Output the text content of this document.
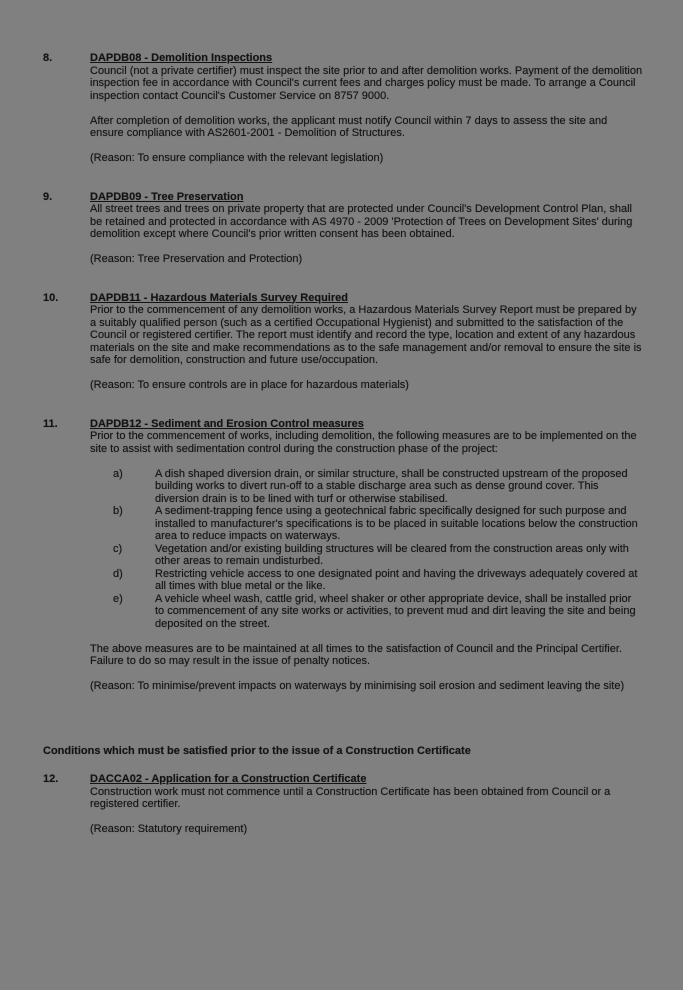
8.	DAPDB08 - Demolition Inspections

Council (not a private certifier) must inspect the site prior to and after demolition works. Payment of the demolition inspection fee in accordance with Council's current fees and charges policy must be made. To arrange a Council inspection contact Council's Customer Service on 8757 9000.

After completion of demolition works, the applicant must notify Council within 7 days to assess the site and ensure compliance with AS2601-2001 - Demolition of Structures.

(Reason: To ensure compliance with the relevant legislation)

9.	DAPDB09 - Tree Preservation

All street trees and trees on private property that are protected under Council's Development Control Plan, shall be retained and protected in accordance with AS 4970 - 2009 'Protection of Trees on Development Sites' during demolition except where Council's prior written consent has been obtained.

(Reason: Tree Preservation and Protection)

10.	DAPDB11 - Hazardous Materials Survey Required

Prior to the commencement of any demolition works, a Hazardous Materials Survey Report must be prepared by a suitably qualified person (such as a certified Occupational Hygienist) and submitted to the satisfaction of the Council or registered certifier. The report must identify and record the type, location and extent of any hazardous materials on the site and make recommendations as to the safe management and/or removal to ensure the site is safe for demolition, construction and future use/occupation.

(Reason: To ensure controls are in place for hazardous materials)

11.	DAPDB12 - Sediment and Erosion Control measures

Prior to the commencement of works, including demolition, the following measures are to be implemented on the site to assist with sedimentation control during the construction phase of the project:

a)	A dish shaped diversion drain, or similar structure, shall be constructed upstream of the proposed building works to divert run-off to a stable discharge area such as dense ground cover. This diversion drain is to be lined with turf or otherwise stabilised.
b)	A sediment-trapping fence using a geotechnical fabric specifically designed for such purpose and installed to manufacturer's specifications is to be placed in suitable locations below the construction area to reduce impacts on waterways.
c)	Vegetation and/or existing building structures will be cleared from the construction areas only with other areas to remain undisturbed.
d)	Restricting vehicle access to one designated point and having the driveways adequately covered at all times with blue metal or the like.
e)	A vehicle wheel wash, cattle grid, wheel shaker or other appropriate device, shall be installed prior to commencement of any site works or activities, to prevent mud and dirt leaving the site and being deposited on the street.

The above measures are to be maintained at all times to the satisfaction of Council and the Principal Certifier. Failure to do so may result in the issue of penalty notices.

(Reason: To minimise/prevent impacts on waterways by minimising soil erosion and sediment leaving the site)

Conditions which must be satisfied prior to the issue of a Construction Certificate
12.	DACCA02 - Application for a Construction Certificate

Construction work must not commence until a Construction Certificate has been obtained from Council or a registered certifier.

(Reason: Statutory requirement)
